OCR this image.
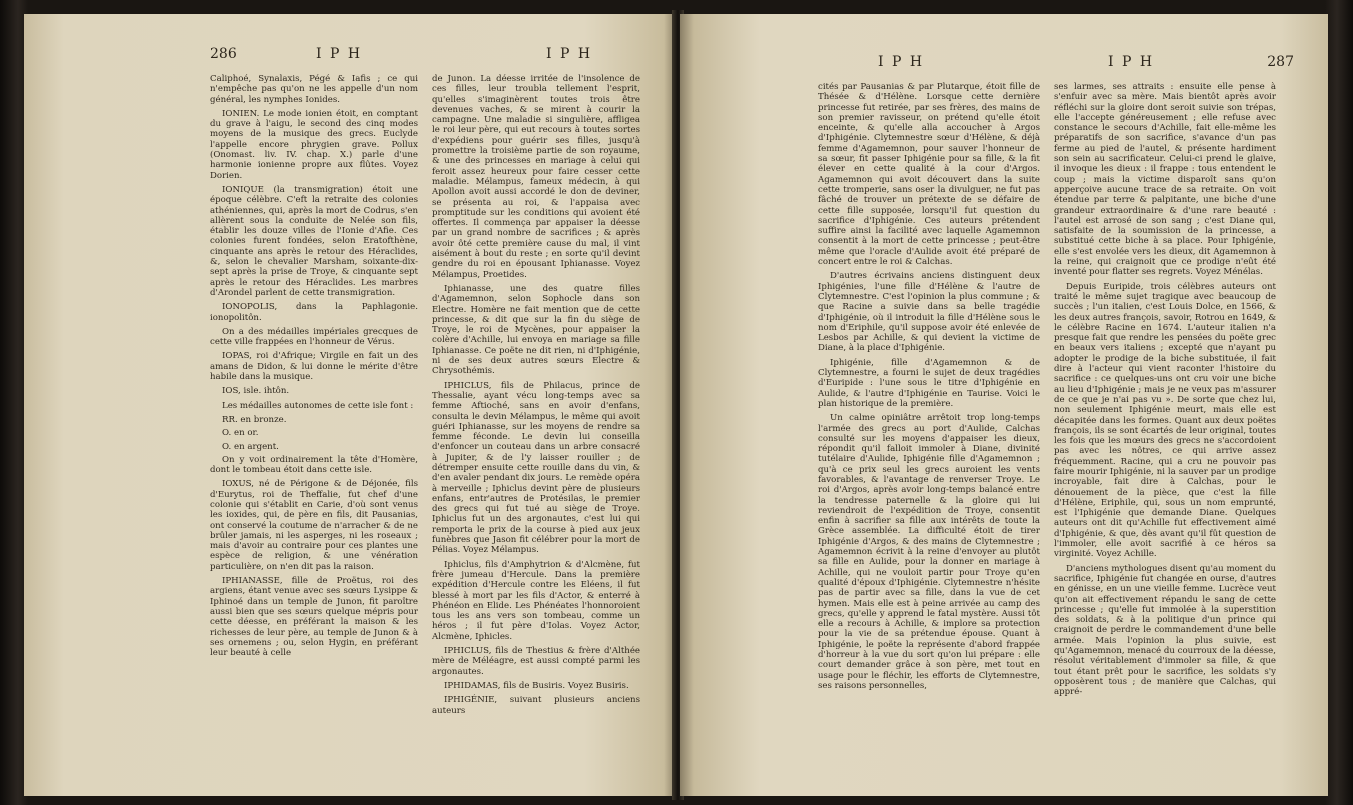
286	I P H	I P H

Caliphoé, Synalaxis, Pégé & Iafis ; ce qui n'empêche pas qu'on ne les appelle d'un nom général, les nymphes Ionides.

IONIEN. Le mode ionien étoit, en comptant du grave à l'aigu, le second des cinq modes moyens de la musique des grecs. Euclyde l'appelle encore phrygien grave. Pollux (Onomast. liv. IV. chap. X.) parle d'une harmonie ionienne propre aux flûtes. Voyez Dorien.

IONIQUE (la transmigration) étoit une époque célèbre. C'eft la retraite des colonies athéniennes, qui, après la mort de Codrus, s'en allèrent sous la conduite de Nelée son fils, établir les douze villes de l'Ionie d'Afie. Ces colonies furent fondées, selon Eratofthène, cinquante ans après le retour des Héraclides, &, selon le chevalier Marsham, soixante-dix-sept après la prise de Troye, & cinquante sept après le retour des Héraclides. Les marbres d'Arondel parlent de cette transmigration.

IONOPOLIS, dans la Paphlagonie. ionopolitôn.

On a des médailles impériales grecques de cette ville frappées en l'honneur de Vérus.

IOPAS, roi d'Afrique; Virgile en fait un des amans de Didon, & lui donne le mérite d'être habile dans la musique.

IOS, isle. ihtôn.

Les médailles autonomes de cette isle font :

RR. en bronze.

O. en or.

O. en argent.

On y voit ordinairement la tête d'Homère, dont le tombeau étoit dans cette isle.

IOXUS, né de Périgone & de Déjonée, fils d'Eurytus, roi de Theffalie, fut chef d'une colonie qui s'établit en Carie, d'où sont venus les ioxides, qui, de père en fils, dit Pausanias, ont conservé la coutume de n'arracher & de ne brûler jamais, ni les asperges, ni les roseaux ; mais d'avoir au contraire pour ces plantes une espèce de religion, & une vénération particulière, on n'en dit pas la raison.

IPHIANASSE, fille de Proëtus, roi des argiens, étant venue avec ses sœurs Lysippe & Iphinoé dans un temple de Junon, fit paroître aussi bien que ses sœurs quelque mépris pour cette déesse, en préférant la maison & les richesses de leur père, au temple de Junon & à ses ornemens ; ou, selon Hygin, en préférant leur beauté à celle

de Junon. La déesse irritée de l'insolence de ces filles, leur troubla tellement l'esprit, qu'elles s'imaginèrent toutes trois être devenues vaches, & se mirent à courir la campagne. Une maladie si singulière, affligea le roi leur père, qui eut recours à toutes sortes d'expédiens pour guérir ses filles, jusqu'à promettre la troisième partie de son royaume, & une des princesses en mariage à celui qui feroit assez heureux pour faire cesser cette maladie. Mélampus, fameux médecin, à qui Apollon avoit aussi accordé le don de deviner, se présenta au roi, & l'appaisa avec promptitude sur les conditions qui avoient été offertes. Il commença par appaiser la déesse par un grand nombre de sacrifices ; & après avoir ôté cette première cause du mal, il vint aisément à bout du reste ; en sorte qu'il devint gendre du roi en épousant Iphianasse. Voyez Mélampus, Proetides.

Iphianasse, une des quatre filles d'Agamemnon, selon Sophocle dans son Electre. Homère ne fait mention que de cette princesse, & dit que sur la fin du siège de Troye, le roi de Mycènes, pour appaiser la colère d'Achille, lui envoya en mariage sa fille Iphianasse. Ce poëte ne dit rien, ni d'Iphigénie, ni de ses deux autres sœurs Electre & Chrysothémis.

IPHICLUS, fils de Philacus, prince de Thessalie, ayant vécu long-temps avec sa femme Aftioché, sans en avoir d'enfans, consulta le devin Mélampus, le même qui avoit guéri Iphianasse, sur les moyens de rendre sa femme féconde. Le devin lui conseilla d'enfoncer un couteau dans un arbre consacré à Jupiter, & de l'y laisser rouiller ; de détremper ensuite cette rouille dans du vin, & d'en avaler pendant dix jours. Le remède opéra à merveille ; Iphiclus devint père de plusieurs enfans, entr'autres de Protésilas, le premier des grecs qui fut tué au siège de Troye. Iphiclus fut un des argonautes, c'est lui qui remporta le prix de la course à pied aux jeux funèbres que Jason fit célébrer pour la mort de Pélias. Voyez Mélampus.

Iphiclus, fils d'Amphytrion & d'Alcmène, fut frère jumeau d'Hercule. Dans la première expédition d'Hercule contre les Eléens, il fut blessé à mort par les fils d'Actor, & enterré à Phénéon en Elide. Les Phénéates l'honnoroient tous les ans vers son tombeau, comme un héros ; il fut père d'Iolas. Voyez Actor, Alcmène, Iphicles.

IPHICLUS, fils de Thestius & frère d'Althée mère de Méléagre, est aussi compté parmi les argonautes.

IPHIDAMAS, fils de Busiris. Voyez Busiris.

IPHIGÉNIE, suivant plusieurs anciens auteurs

I P H	I P H	287

cités par Pausanias & par Plutarque, étoit fille de Thésée & d'Hélène. Lorsque cette dernière princesse fut retirée, par ses frères, des mains de son premier ravisseur, on prétend qu'elle étoit enceinte, & qu'elle alla accoucher à Argos d'Iphigénie. Clytemnestre sœur d'Hélène, & déjà femme d'Agamemnon, pour sauver l'honneur de sa sœur, fit passer Iphigénie pour sa fille, & la fit élever en cette qualité à la cour d'Argos. Agamemnon qui avoit découvert dans la suite cette tromperie, sans oser la divulguer, ne fut pas fâché de trouver un prétexte de se défaire de cette fille supposée, lorsqu'il fut question du sacrifice d'Iphigénie. Ces auteurs prétendent suffire ainsi la facilité avec laquelle Agamemnon consentit à la mort de cette princesse ; peut-être même que l'oracle d'Aulide avoit été préparé de concert entre le roi & Calchas.

D'autres écrivains anciens distinguent deux Iphigénies, l'une fille d'Hélène & l'autre de Clytemnestre. C'est l'opinion la plus commune ; & que Racine a suivie dans sa belle tragédie d'Iphigénie, où il introduit la fille d'Hélène sous le nom d'Eriphile, qu'il suppose avoir été enlevée de Lesbos par Achille, & qui devient la victime de Diane, à la place d'Iphigénie.

Iphigénie, fille d'Agamemnon & de Clytemnestre, a fourni le sujet de deux tragédies d'Euripide : l'une sous le titre d'Iphigénie en Aulide, & l'autre d'Iphigénie en Taurise. Voici le plan historique de la première.

Un calme opiniâtre arrêtoit trop long-temps l'armée des grecs au port d'Aulide, Calchas consulté sur les moyens d'appaiser les dieux, répondit qu'il falloit immoler à Diane, divinité tutélaire d'Aulide, Iphigénie fille d'Agamemnon ; qu'à ce prix seul les grecs auroient les vents favorables, & l'avantage de renverser Troye. Le roi d'Argos, après avoir long-temps balancé entre la tendresse paternelle & la gloire qui lui reviendroit de l'expédition de Troye, consentit enfin à sacrifier sa fille aux intérêts de toute la Grèce assemblée. La difficulté étoit de tirer Iphigénie d'Argos, & des mains de Clytemnestre ; Agamemnon écrivit à la reine d'envoyer au plutôt sa fille en Aulide, pour la donner en mariage à Achille, qui ne vouloit partir pour Troye qu'en qualité d'époux d'Iphigénie. Clytemnestre n'hésite pas de partir avec sa fille, dans la vue de cet hymen. Mais elle est à peine arrivée au camp des grecs, qu'elle y apprend le fatal mystère. Aussi tôt elle a recours à Achille, & implore sa protection pour la vie de sa prétendue épouse. Quant à Iphigénie, le poëte la représente d'abord frappée d'horreur à la vue du sort qu'on lui prépare : elle court demander grâce à son père, met tout en usage pour le fléchir, les efforts de Clytemnestre, ses raisons personnelles,

ses larmes, ses attraits : ensuite elle pense à s'enfuir avec sa mère. Mais bientôt après avoir réfléchi sur la gloire dont seroit suivie son trépas, elle l'accepte généreusement ; elle refuse avec constance le secours d'Achille, fait elle-même les préparatifs de son sacrifice, s'avance d'un pas ferme au pied de l'autel, & présente hardiment son sein au sacrificateur. Celui-ci prend le glaive, il invoque les dieux : il frappe : tous entendent le coup ; mais la victime disparoît sans qu'on apperçoive aucune trace de sa retraite. On voit étendue par terre & palpitante, une biche d'une grandeur extraordinaire & d'une rare beauté : l'autel est arrosé de son sang ; c'est Diane qui, satisfaite de la soumission de la princesse, a substitué cette biche à sa place. Pour Iphigénie, elle s'est envolée vers les dieux, dit Agamemnon à la reine, qui craignoit que ce prodige n'eût été inventé pour flatter ses regrets. Voyez Ménélas.

Depuis Euripide, trois célèbres auteurs ont traité le même sujet tragique avec beaucoup de succès ; l'un italien, c'est Louis Dolce, en 1566, & les deux autres françois, savoir, Rotrou en 1649, & le célèbre Racine en 1674. L'auteur italien n'a presque fait que rendre les pensées du poëte grec en beaux vers italiens ; excepté que n'ayant pu adopter le prodige de la biche substituée, il fait dire à l'acteur qui vient raconter l'histoire du sacrifice : ce quelques-uns ont cru voir une biche au lieu d'Iphigénie ; mais je ne veux pas m'assurer de ce que je n'ai pas vu ». De sorte que chez lui, non seulement Iphigénie meurt, mais elle est décapitée dans les formes. Quant aux deux poëtes françois, ils se sont écartés de leur original, toutes les fois que les mœurs des grecs ne s'accordoient pas avec les nôtres, ce qui arrive assez fréquemment. Racine, qui a cru ne pouvoir pas faire mourir Iphigénie, ni la sauver par un prodige incroyable, fait dire à Calchas, pour le dénouement de la pièce, que c'est la fille d'Hélène, Eriphile, qui, sous un nom emprunté, est l'Iphigénie que demande Diane. Quelques auteurs ont dit qu'Achille fut effectivement aimé d'Iphigénie, & que, dès avant qu'il fût question de l'immoler, elle avoit sacrifié à ce héros sa virginité. Voyez Achille.

D'anciens mythologues disent qu'au moment du sacrifice, Iphigénie fut changée en ourse, d'autres en génisse, en un une vieille femme. Lucrèce veut qu'on ait effectivement répandu le sang de cette princesse ; qu'elle fut immolée à la superstition des soldats, & à la politique d'un prince qui craignoit de perdre le commandement d'une belle armée. Mais l'opinion la plus suivie, est qu'Agamemnon, menacé du courroux de la déesse, résolut véritablement d'immoler sa fille, & que tout étant prêt pour le sacrifice, les soldats s'y opposèrent tous ; de manière que Calchas, qui appré-
